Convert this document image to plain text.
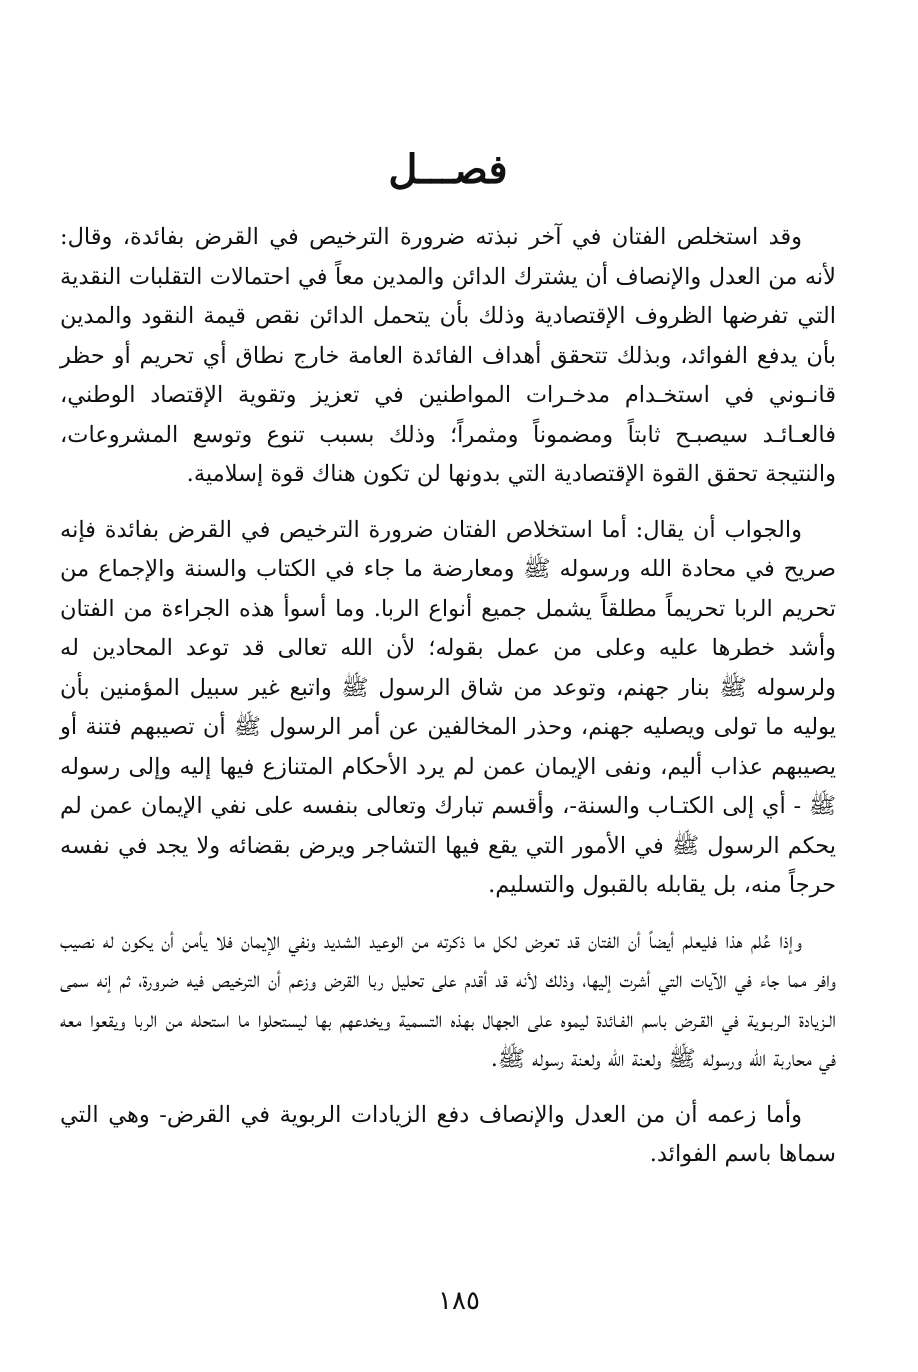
فصـــل

وقد استخلص الفتان في آخر نبذته ضرورة الترخيص في القرض بفائدة، وقال: لأنه من العدل والإنصاف أن يشترك الدائن والمدين معاً في احتمالات التقلبات النقدية التي تفرضها الظروف الإقتصادية وذلك بأن يتحمل الدائن نقص قيمة النقود والمدين بأن يدفع الفوائد، وبذلك تتحقق أهداف الفائدة العامة خارج نطاق أي تحريم أو حظر قانـوني في استخـدام مدخـرات المواطنين في تعزيز وتقوية الإقتصاد الوطني، فالعـائـد سيصبـح ثابتاً ومضموناً ومثمراً؛ وذلك بسبب تنوع وتوسع المشروعات، والنتيجة تحقق القوة الإقتصادية التي بدونها لن تكون هناك قوة إسلامية.

والجواب أن يقال: أما استخلاص الفتان ضرورة الترخيص في القرض بفائدة فإنه صريح في محادة الله ورسوله ﷺ ومعارضة ما جاء في الكتاب والسنة والإجماع من تحريم الربا تحريماً مطلقاً يشمل جميع أنواع الربا. وما أسوأ هذه الجراءة من الفتان وأشد خطرها عليه وعلى من عمل بقوله؛ لأن الله تعالى قد توعد المحادين له ولرسوله ﷺ بنار جهنم، وتوعد من شاق الرسول ﷺ واتبع غير سبيل المؤمنين بأن يوليه ما تولى ويصليه جهنم، وحذر المخالفين عن أمر الرسول ﷺ أن تصيبهم فتنة أو يصيبهم عذاب أليم، ونفى الإيمان عمن لم يرد الأحكام المتنازع فيها إليه وإلى رسوله ﷺ - أي إلى الكتـاب والسنة-، وأقسم تبارك وتعالى بنفسه على نفي الإيمان عمن لم يحكم الرسول ﷺ في الأمور التي يقع فيها التشاجر ويرض بقضائه ولا يجد في نفسه حرجاً منه، بل يقابله بالقبول والتسليم.

وإذا عُلم هذا فليعلم أيضاً أن الفتان قد تعرض لكل ما ذكرته من الوعيد الشديد ونفي الإيمان فلا يأمن أن يكون له نصيب وافر مما جاء في الآيات التي أشرت إليها، وذلك لأنه قد أقدم على تحليل ربا القرض وزعم أن الترخيص فيه ضرورة، ثم إنه سمى الـزيادة الـربـوية في القـرض باسم الفـائدة ليموه على الجهال بهذه التسمية ويخدعهم بها ليستحلوا ما استحله من الربا ويقعوا معه في محاربة الله ورسوله ﷺ ولعنة الله ولعنة رسوله ﷺ.

وأما زعمه أن من العدل والإنصاف دفع الزيادات الربوية في القرض- وهي التي سماها باسم الفوائد.

١٨٥
